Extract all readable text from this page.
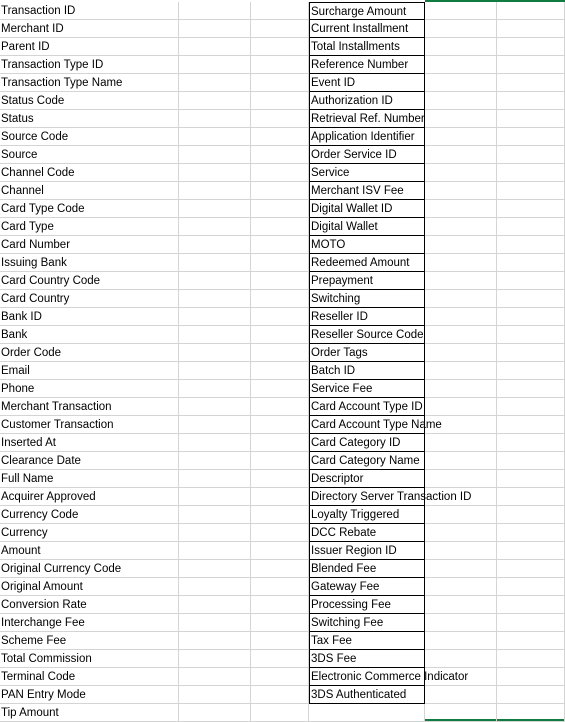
Transaction ID	Surcharge Amount
Merchant ID	Current Installment
Parent ID	Total Installments
Transaction Type ID	Reference Number
Transaction Type Name	Event ID
Status Code	Authorization ID
Status	Retrieval Ref. Number
Source Code	Application Identifier
Source	Order Service ID
Channel Code	Service
Channel	Merchant ISV Fee
Card Type Code	Digital Wallet ID
Card Type	Digital Wallet
Card Number	MOTO
Issuing Bank	Redeemed Amount
Card Country Code	Prepayment
Card Country	Switching
Bank ID	Reseller ID
Bank	Reseller Source Code
Order Code	Order Tags
Email	Batch ID
Phone	Service Fee
Merchant Transaction	Card Account Type ID
Customer Transaction	Card Account Type Name
Inserted At	Card Category ID
Clearance Date	Card Category Name
Full Name	Descriptor
Acquirer Approved	Directory Server Transaction ID
Currency Code	Loyalty Triggered
Currency	DCC Rebate
Amount	Issuer Region ID
Original Currency Code	Blended Fee
Original Amount	Gateway Fee
Conversion Rate	Processing Fee
Interchange Fee	Switching Fee
Scheme Fee	Tax Fee
Total Commission	3DS Fee
Terminal Code	Electronic Commerce Indicator
PAN Entry Mode	3DS Authenticated
Tip Amount
